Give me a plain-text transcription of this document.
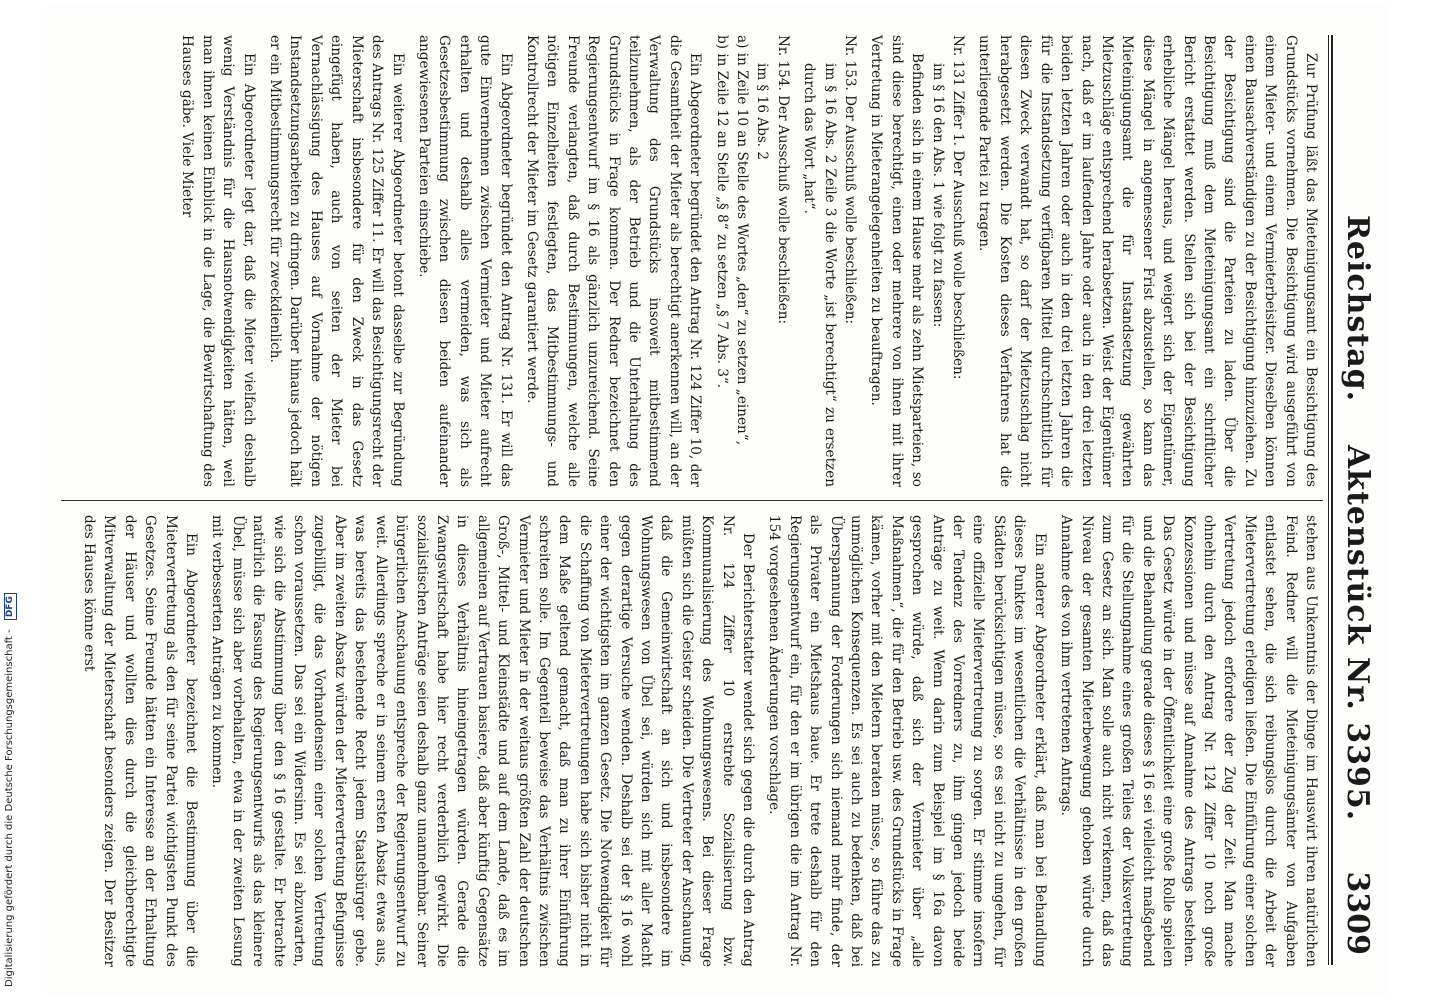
Reichstag.
Aktenstück Nr. 3395.
3309

Zur Prüfung läßt das Mieteinigungsamt ein Besichtigung des Grundstücks vornehmen. Die Besichtigung wird ausgeführt von einem Mieter- und einem Vermieterbeisitzer. Dieselben können einen Bausachverständigen zu der Besichtigung hinzuziehen. Zu der Besichtigung sind die Parteien zu laden. Über die Besichtigung muß dem Mieteinigungsamt ein schriftlicher Bericht erstattet werden. Stellen sich bei der Besichtigung erhebliche Mängel heraus, und weigert sich der Eigentümer, diese Mängel in angemessener Frist abzustellen, so kann das Mieteinigungsamt die für Instandsetzung gewährten Mietzuschläge entsprechend herabsetzen. Weist der Eigentümer nach, daß er im laufenden Jahre oder auch in den drei letzten beiden letzten Jahren oder auch in den drei letzten Jahren die für die Instandsetzung verfügbaren Mittel durchschnittlich für diesen Zweck verwandt hat, so darf der Mietzuschlag nicht herabgesetzt werden. Die Kosten dieses Verfahrens hat die unterliegende Partei zu tragen.

Nr. 131 Ziffer 1. Der Ausschuß wolle beschließen:

im § 16 den Abs. 1 wie folgt zu fassen:

Befinden sich in einem Hause mehr als zehn Mietsparteien, so sind diese berechtigt, einen oder mehrere von ihnen mit ihrer Vertretung in Mieterangelegenheiten zu beauftragen.

Nr. 153. Der Ausschuß wolle beschließen:

im § 16 Abs. 2 Zeile 3 die Worte „ist berechtigt“ zu ersetzen durch das Wort „hat“.

Nr. 154. Der Ausschuß wolle beschließen:

im § 16 Abs. 2

a) in Zeile 10 an Stelle des Wortes „den“ zu setzen „einen“,

b) in Zeile 12 an Stelle „§ 8“ zu setzen „§ 7 Abs. 3“.

Ein Abgeordneter begründet den Antrag Nr. 124 Ziffer 10, der die Gesamtheit der Mieter als berechtigt anerkennen will, an der Verwaltung des Grundstücks insoweit mitbestimmend teilzunehmen, als der Betrieb und die Unterhaltung des Grundstücks in Frage kommen. Der Redner bezeichnet den Regierungsentwurf im § 16 als gänzlich unzureichend. Seine Freunde verlangten, daß durch Bestimmungen, welche alle nötigen Einzelheiten festlegten, das Mitbestimmungs- und Kontrollrecht der Mieter im Gesetz garantiert werde.

Ein Abgeordneter begründet den Antrag Nr. 131. Er will das gute Einvernehmen zwischen Vermieter und Mieter aufrecht erhalten und deshalb alles vermeiden, was sich als Gesetzesbestimmung zwischen diesen beiden aufeinander angewiesenen Parteien einschiebe.

Ein weiterer Abgeordneter betont dasselbe zur Begründung des Antrags Nr. 125 Ziffer 11. Er will das Besichtigungsrecht der Mieterschaft insbesondere für den Zweck in das Gesetz eingefügt haben, auch von seiten der Mieter bei Vernachlässigung des Hauses auf Vornahme der nötigen Instandsetzungsarbeiten zu dringen. Darüber hinaus jedoch hält er ein Mitbestimmungsrecht für zweckdienlich.

Ein Abgeordneter legt dar, daß die Mieter vielfach deshalb wenig Verständnis für die Hausnotwendigkeiten hätten, weil man ihnen keinen Einblick in die Lage, die Bewirtschaftung des Hauses gäbe. Viele Mieter

stehen aus Unkenntnis der Dinge im Hauswirt ihren natürlichen Feind. Redner will die Mieteinigungsämter von Aufgaben entlastet sehen, die sich reibungslos durch die Arbeit der Mietervertretung erledigen ließen. Die Einführung einer solchen Vertretung jedoch erfordere der Zug der Zeit. Man mache ohnehin durch den Antrag Nr. 124 Ziffer 10 noch große Konzessionen und müsse auf Annahme des Antrags bestehen. Das Gesetz würde in der Öffentlichkeit eine große Rolle spielen und die Behandlung gerade dieses § 16 sei vielleicht maßgebend für die Stellungnahme eines großen Teiles der Volksvertretung zum Gesetz an sich. Man solle auch nicht verkennen, daß das Niveau der gesamten Mieterbewegung gehoben würde durch Annahme des von ihm vertretenen Antrags.

Ein anderer Abgeordneter erklärt, daß man bei Behandlung dieses Punktes im wesentlichen die Verhältnisse in den großen Städten berücksichtigen müsse, so es sei nicht zu umgehen, für eine offizielle Mietervertretung zu sorgen. Er stimme insofern der Tendenz des Vorredners zu, ihm gingen jedoch beide Anträge zu weit. Wenn darin zum Beispiel im § 16a davon gesprochen würde, daß sich der Vermieter über „alle Maßnahmen“, die für den Betrieb usw. des Grundstücks in Frage kämen, vorher mit den Mietern beraten müsse, so führe das zu unmöglichen Konsequenzen. Es sei auch zu bedenken, daß bei Überspannung der Forderungen sich niemand mehr finde, der als Privater ein Mietshaus baue. Er trete deshalb für den Regierungsentwurf ein, für den er im übrigen die im Antrag Nr. 154 vorgesehenen Änderungen vorschlage.

Der Berichterstatter wendet sich gegen die durch den Antrag Nr. 124 Ziffer 10 erstrebte Sozialisierung bzw. Kommunalisierung des Wohnungswesens. Bei dieser Frage müßten sich die Geister scheiden. Die Vertreter der Anschauung, daß die Gemeinwirtschaft an sich und insbesondere im Wohnungswesen von Übel sei, würden sich mit aller Macht gegen derartige Versuche wenden. Deshalb sei der § 16 wohl einer der wichtigsten im ganzen Gesetz. Die Notwendigkeit für die Schaffung von Mietervertretungen habe sich bisher nicht in dem Maße geltend gemacht, daß man zu ihrer Einführung schreiten solle. Im Gegenteil beweise das Verhältnis zwischen Vermieter und Mieter in der weitaus größten Zahl der deutschen Groß-, Mittel- und Kleinstädte und auf dem Lande, daß es im allgemeinen auf Vertrauen basiere, daß aber künftig Gegensätze in dieses Verhältnis hineingetragen würden. Gerade die Zwangswirtschaft habe hier recht verderblich gewirkt. Die sozialistischen Anträge seien deshalb ganz unannehmbar. Seiner bürgerlichen Anschauung entspreche der Regierungsentwurf zu weit. Allerdings spreche er in seinem ersten Absatz etwas aus, was bereits das bestehende Recht jedem Staatsbürger gebe. Aber im zweiten Absatz würden der Mietervertretung Befugnisse zugebilligt, die das Vorhandensein einer solchen Vertretung schon voraussetzen. Das sei ein Widersinn. Es sei abzuwarten, wie sich die Abstimmung über den § 16 gestalte. Er betrachte natürlich die Fassung des Regierungsentwurfs als das kleinere Übel, müsse sich aber vorbehalten, etwa in der zweiten Lesung mit verbesserten Anträgen zu kommen.

Ein Abgeordneter bezeichnet die Bestimmung über die Mietervertretung als den für seine Partei wichtigsten Punkt des Gesetzes. Seine Freunde hätten ein Interesse an der Erhaltung der Häuser und wollten dies durch die gleichberechtigte Mitverwaltung der Mieterschaft besonders zeigen. Der Besitzer des Hauses könne erst

Digitalisierung gefördert durch die Deutsche Forschungsgemeinschaft - DFG
